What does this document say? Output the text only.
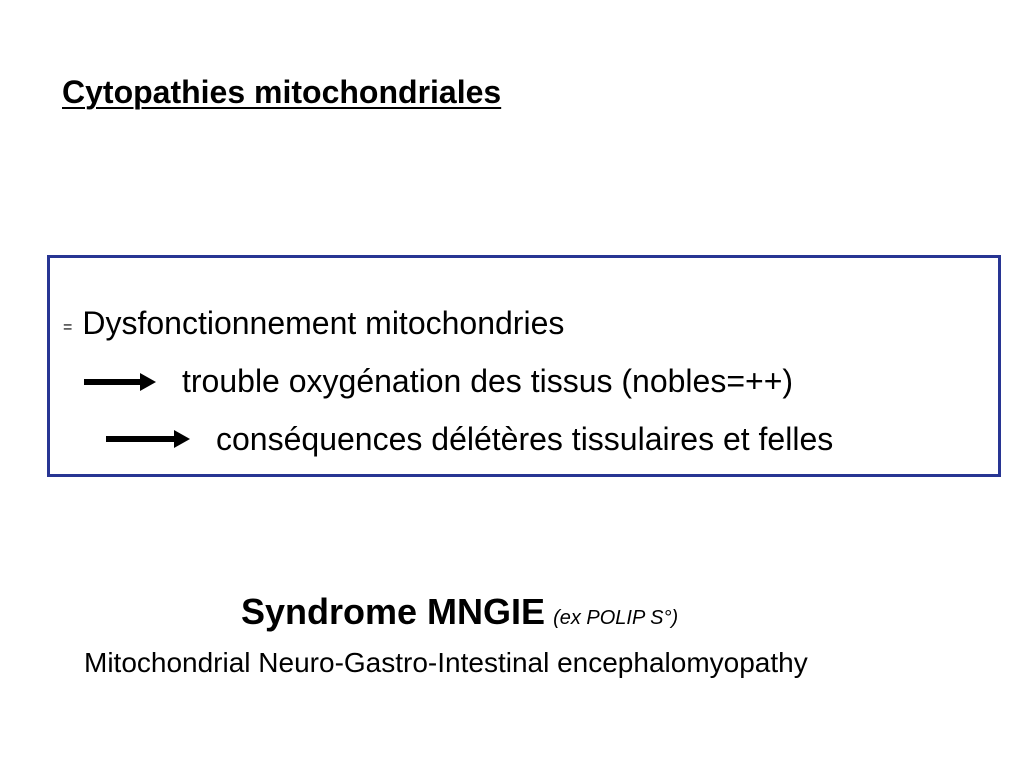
Cytopathies mitochondriales
= Dysfonctionnement mitochondries
trouble oxygénation des tissus (nobles=++)
conséquences délétères tissulaires et felles
Syndrome MNGIE (ex POLIP S°)
Mitochondrial Neuro-Gastro-Intestinal encephalomyopathy
